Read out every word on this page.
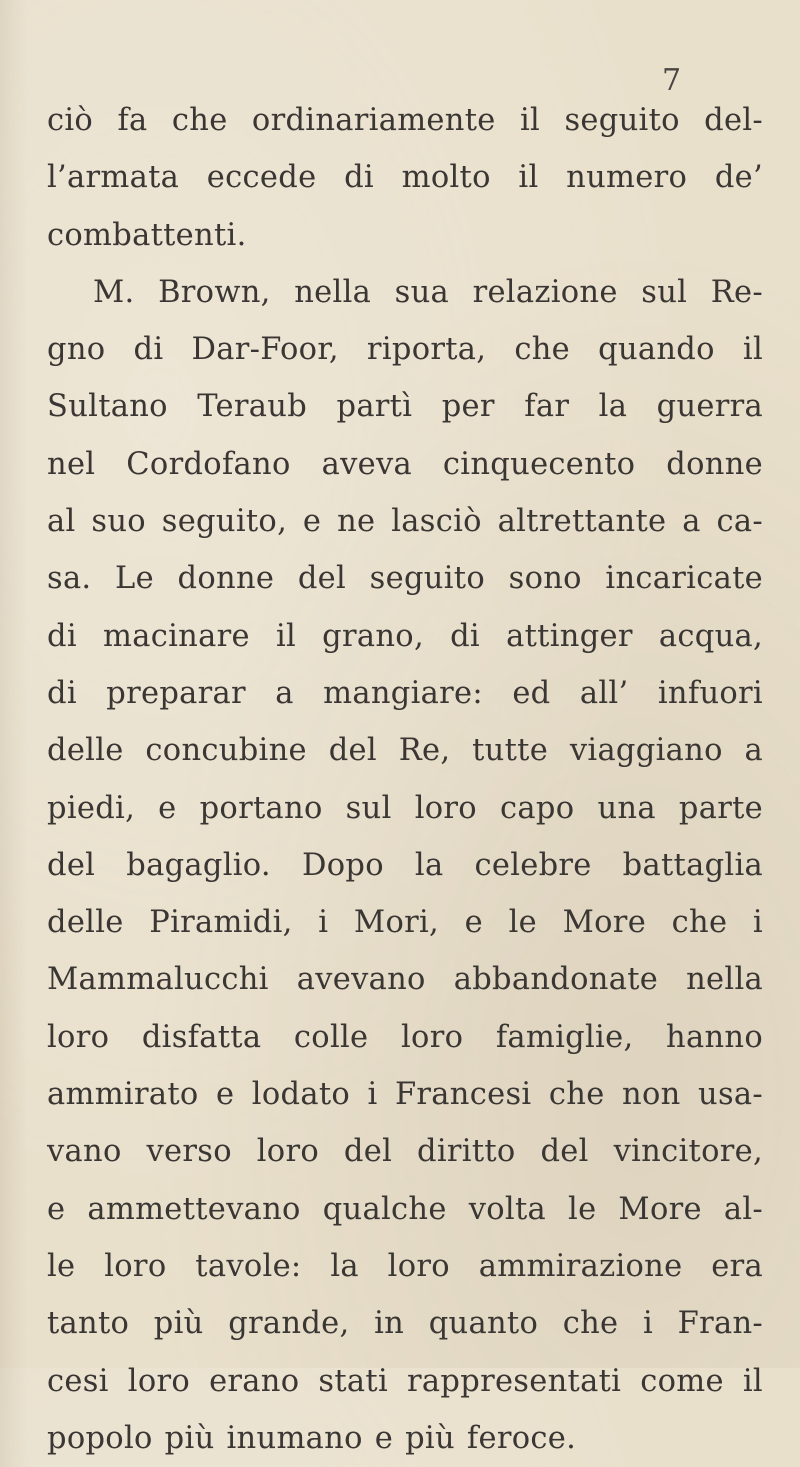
7
ciò fa che ordinariamente il seguito del-
l’armata eccede di molto il numero de’
combattenti.
M. Brown, nella sua relazione sul Re-
gno di Dar-Foor, riporta, che quando il
Sultano Teraub partì per far la guerra
nel Cordofano aveva cinquecento donne
al suo seguito, e ne lasciò altrettante a ca-
sa. Le donne del seguito sono incaricate
di macinare il grano, di attinger acqua,
di preparar a mangiare: ed all’ infuori
delle concubine del Re, tutte viaggiano a
piedi, e portano sul loro capo una parte
del bagaglio. Dopo la celebre battaglia
delle Piramidi, i Mori, e le More che i
Mammalucchi avevano abbandonate nella
loro disfatta colle loro famiglie, hanno
ammirato e lodato i Francesi che non usa-
vano verso loro del diritto del vincitore,
e ammettevano qualche volta le More al-
le loro tavole: la loro ammirazione era
tanto più grande, in quanto che i Fran-
cesi loro erano stati rappresentati come il
popolo più inumano e più feroce.
